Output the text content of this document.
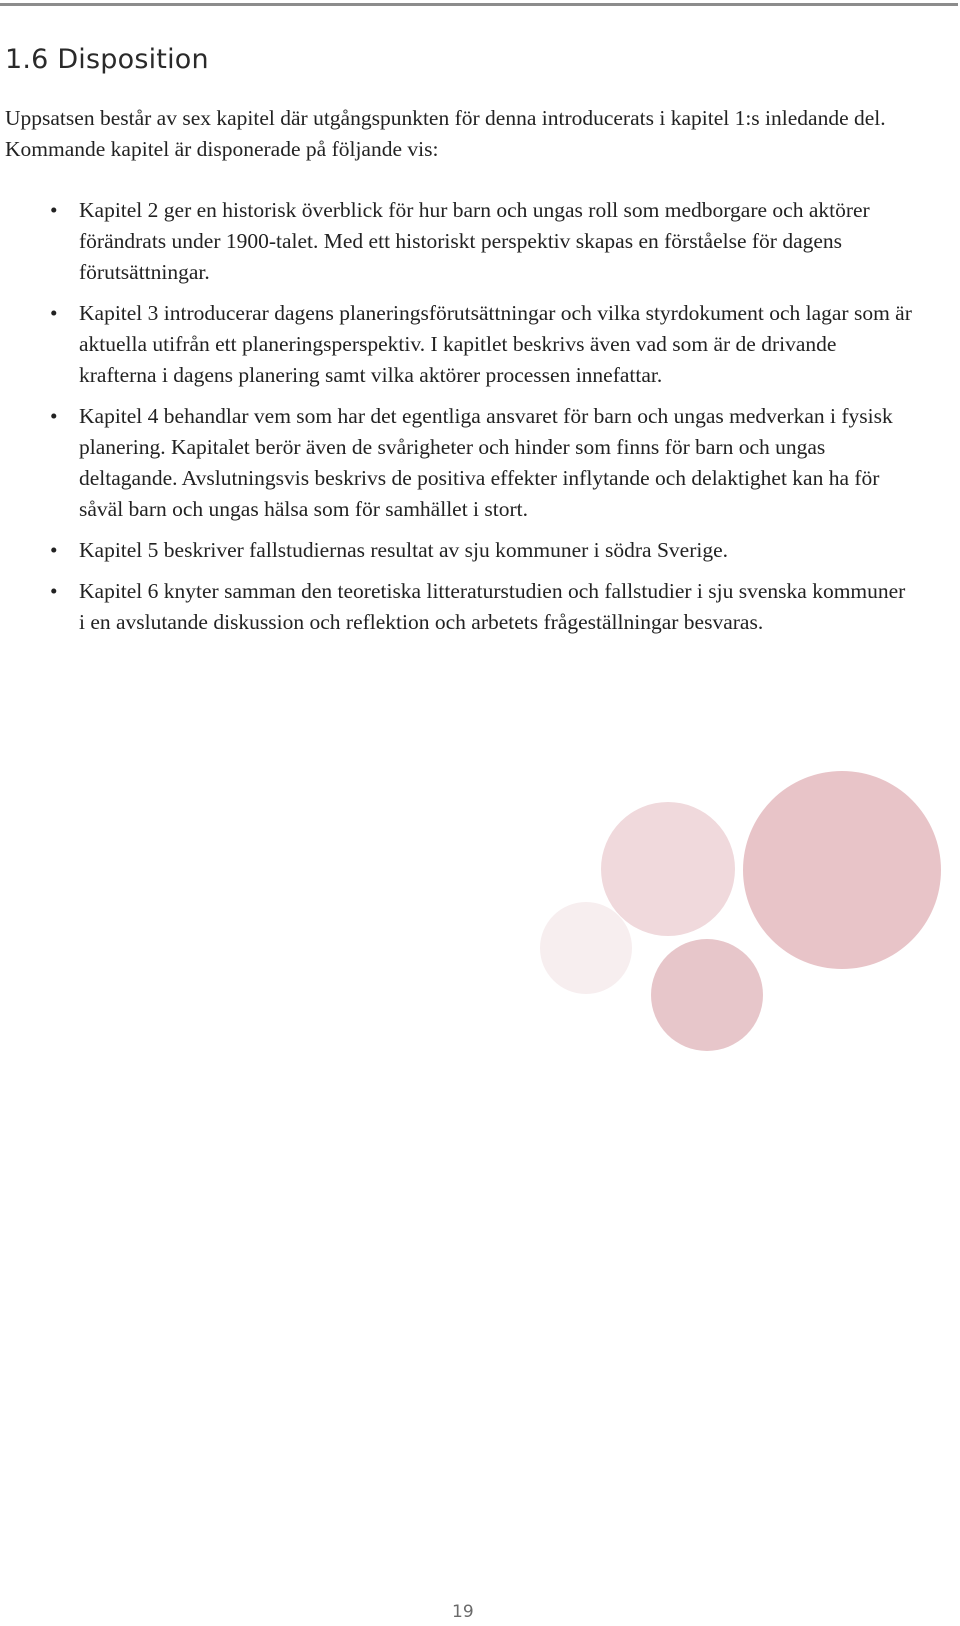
1.6 Disposition

Uppsatsen består av sex kapitel där utgångspunkten för denna introducerats i kapitel 1:s inledande del. Kommande kapitel är disponerade på följande vis:

• Kapitel 2 ger en historisk överblick för hur barn och ungas roll som medborgare och aktörer förändrats under 1900-talet. Med ett historiskt perspektiv skapas en förståelse för dagens förutsättningar.
• Kapitel 3 introducerar dagens planeringsförutsättningar och vilka styrdokument och lagar som är aktuella utifrån ett planeringsperspektiv. I kapitlet beskrivs även vad som är de drivande krafterna i dagens planering samt vilka aktörer processen innefattar.
• Kapitel 4 behandlar vem som har det egentliga ansvaret för barn och ungas medverkan i fysisk planering. Kapitalet berör även de svårigheter och hinder som finns för barn och ungas deltagande. Avslutningsvis beskrivs de positiva effekter inflytande och delaktighet kan ha för såväl barn och ungas hälsa som för samhället i stort.
• Kapitel 5 beskriver fallstudiernas resultat av sju kommuner i södra Sverige.
• Kapitel 6 knyter samman den teoretiska litteraturstudien och fallstudier i sju svenska kommuner i en avslutande diskussion och reflektion och arbetets frågeställningar besvaras.
19
